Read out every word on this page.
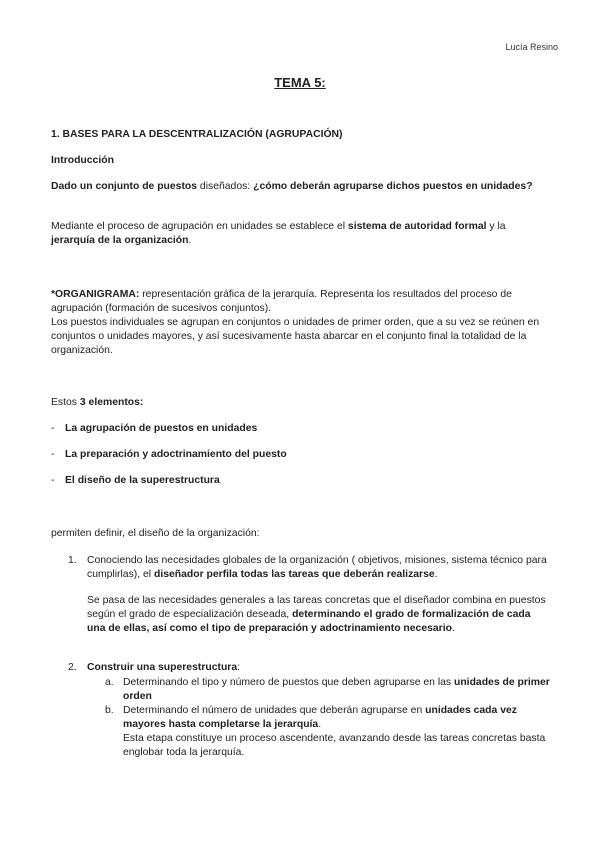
Lucía Resino

TEMA 5:

1. BASES PARA LA DESCENTRALIZACIÓN (AGRUPACIÓN)

Introducción

Dado un conjunto de puestos diseñados: ¿cómo deberán agruparse dichos puestos en unidades?

Mediante el proceso de agrupación en unidades se establece el sistema de autoridad formal y la jerarquía de la organización.

*ORGANIGRAMA: representación gráfica de la jerarquía. Representa los resultados del proceso de agrupación (formación de sucesivos conjuntos).
Los puestos individuales se agrupan en conjuntos o unidades de primer orden, que a su vez se reúnen en conjuntos o unidades mayores, y así sucesivamente hasta abarcar en el conjunto final la totalidad de la organización.

Estos 3 elementos:

-	La agrupación de puestos en unidades

-	La preparación y adoctrinamiento del puesto

-	El diseño de la superestructura

permiten definir, el diseño de la organización:

1. Conociendo las necesidades globales de la organización ( objetivos, misiones, sistema técnico para cumplirlas), el diseñador perfila todas las tareas que deberán realizarse.

Se pasa de las necesidades generales a las tareas concretas que el diseñador combina en puestos según el grado de especialización deseada, determinando el grado de formalización de cada una de ellas, así como el tipo de preparación y adoctrinamiento necesario.

2. Construir una superestructura:

a. Determinando el tipo y número de puestos que deben agruparse en las unidades de primer orden

b. Determinando el número de unidades que deberán agruparse en unidades cada vez mayores hasta completarse la jerarquía.
Esta etapa constituye un proceso ascendente, avanzando desde las tareas concretas basta englobar toda la jerarquía.
